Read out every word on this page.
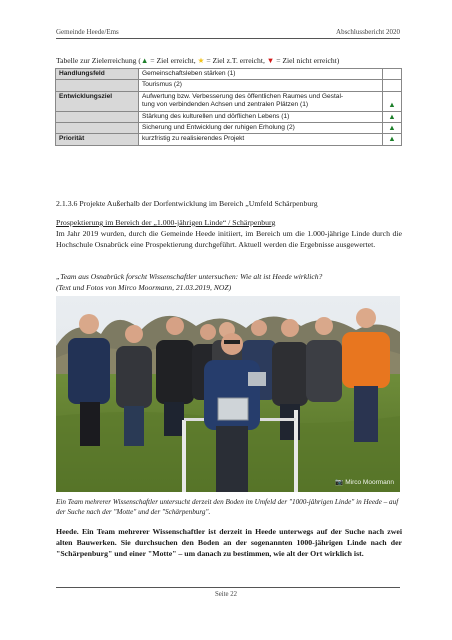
Gemeinde Heede/Ems	Abschlussbericht 2020
Tabelle zur Zielerreichung (▲ = Ziel erreicht, ★ = Ziel z.T. erreicht, ▼ = Ziel nicht erreicht)
Handlungsfeld	Gemeinschaftsleben stärken (1)	

	Tourismus (2)	

Entwicklungsziel	Aufwertung bzw. Verbesserung des öffentlichen Raumes und Gestal-
tung von verbindenden Achsen und zentralen Plätzen (1)	▲

	Stärkung des kulturellen und dörflichen Lebens (1)	▲

	Sicherung und Entwicklung der ruhigen Erholung (2)	▲
Priorität	kurzfristig zu realisierendes Projekt	▲
2.1.3.6 Projekte Außerhalb der Dorfentwicklung im Bereich „Umfeld Schärpenburg
Prospektierung im Bereich der „1.000-jährigen Linde“ / Schärpenburg
Im Jahr 2019 wurden, durch die Gemeinde Heede initiiert, im Bereich um die 1.000-jährige Linde durch die Hochschule Osnabrück eine Prospektierung durchgeführt. Aktuell werden die Ergebnisse ausgewertet.
„Team aus Osnabrück forscht Wissenschaftler untersuchen: Wie alt ist Heede wirklich?
(Text und Fotos von Mirco Moormann, 21.03.2019, NOZ)
📷 Mirco Moormann
Ein Team mehrerer Wissenschaftler untersucht derzeit den Boden im Umfeld der "1000-jährigen Linde" in Heede – auf der Suche nach der "Motte" und der "Schärpenburg".
Heede. Ein Team mehrerer Wissenschaftler ist derzeit in Heede unterwegs auf der Suche nach zwei alten Bauwerken. Sie durchsuchen den Boden an der sogenannten 1000-jährigen Linde nach der "Schärpenburg" und einer "Motte" – um danach zu bestimmen, wie alt der Ort wirklich ist.
Seite 22
